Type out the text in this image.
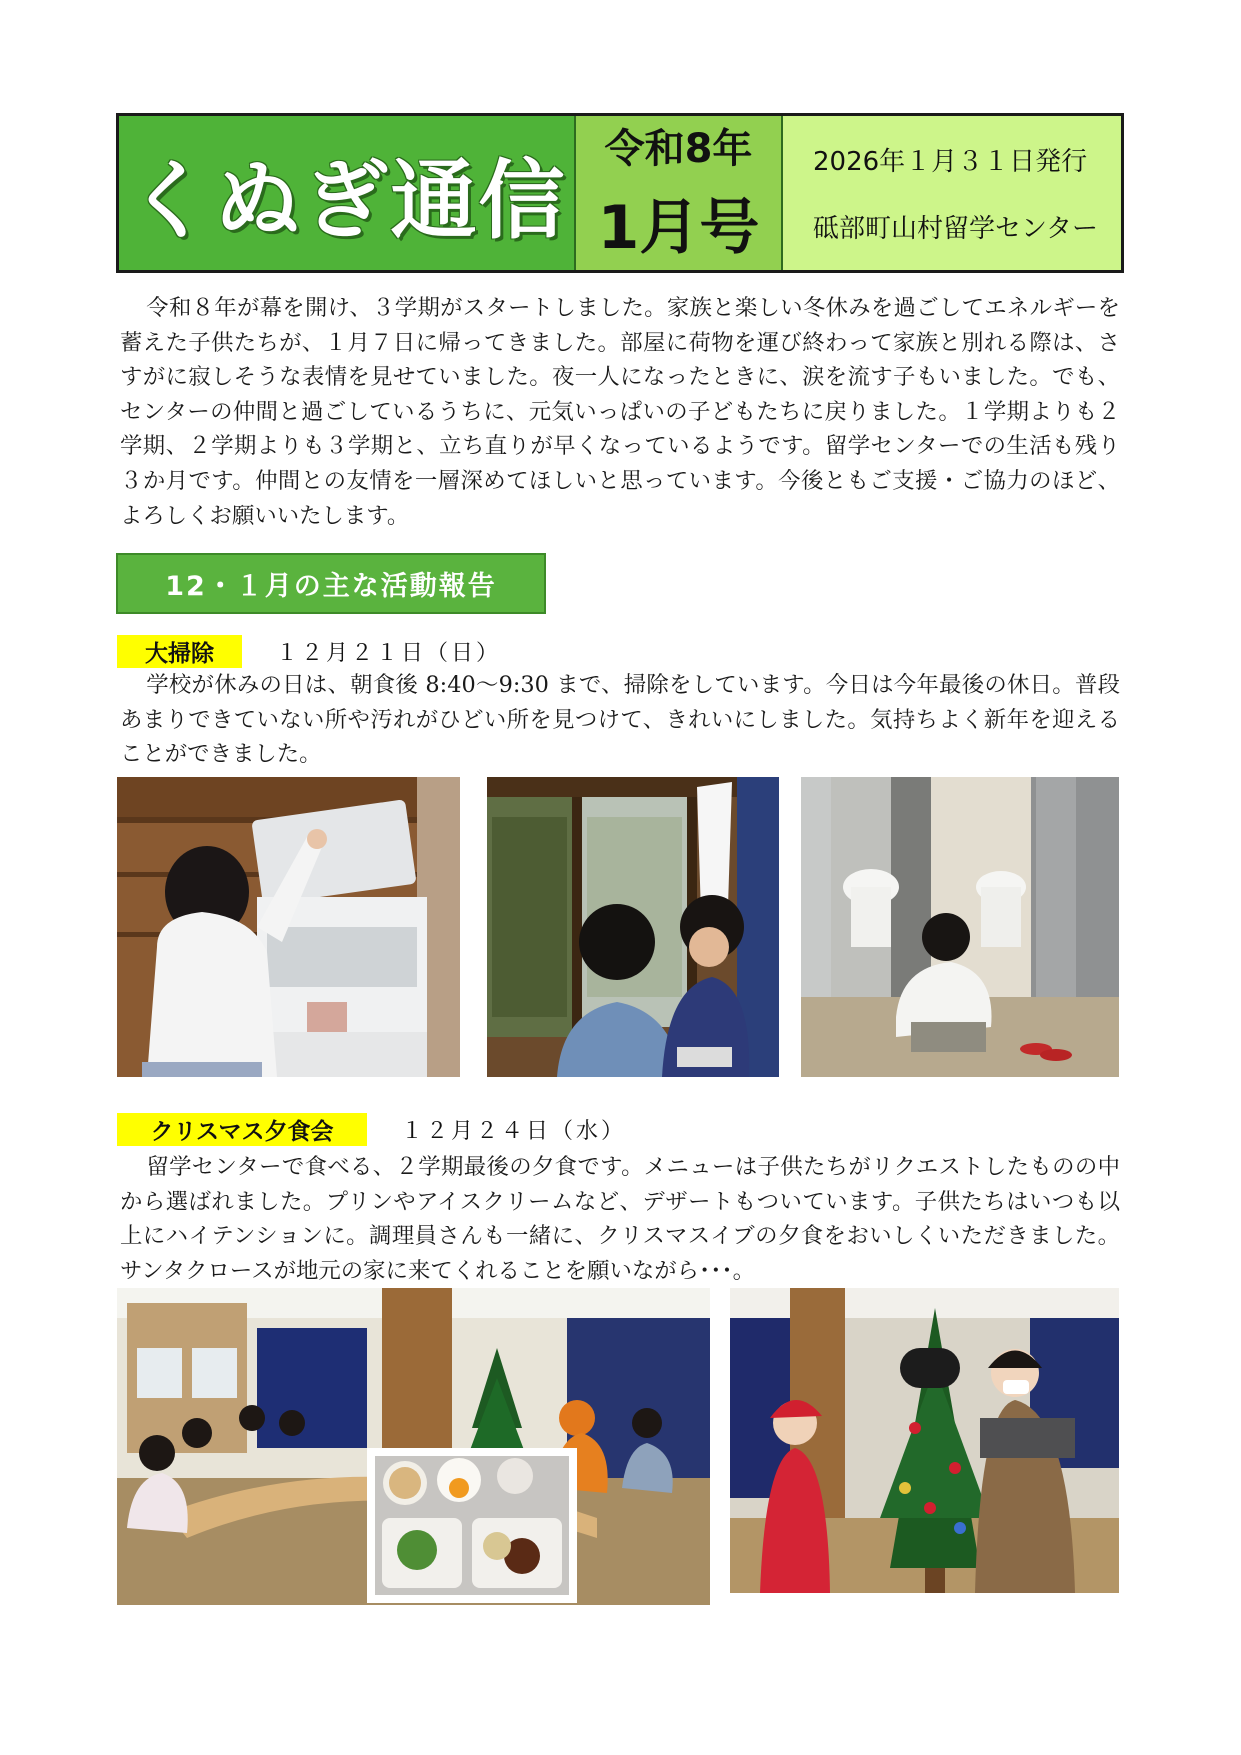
くぬぎ通信
令和8年
1月号
2026年１月３１日発行
砥部町山村留学センター

令和８年が幕を開け、３学期がスタートしました。家族と楽しい冬休みを過ごしてエネルギーを蓄えた子供たちが、１月７日に帰ってきました。部屋に荷物を運び終わって家族と別れる際は、さすがに寂しそうな表情を見せていました。夜一人になったときに、涙を流す子もいました。でも、センターの仲間と過ごしているうちに、元気いっぱいの子どもたちに戻りました。１学期よりも２学期、２学期よりも３学期と、立ち直りが早くなっているようです。留学センターでの生活も残り３か月です。仲間との友情を一層深めてほしいと思っています。今後ともご支援・ご協力のほど、よろしくお願いいたします。

12・１月の主な活動報告
大掃除	１２月２１日（日）

学校が休みの日は、朝食後 8:40～9:30 まで、掃除をしています。今日は今年最後の休日。普段あまりできていない所や汚れがひどい所を見つけて、きれいにしました。気持ちよく新年を迎えることができました。

クリスマス夕食会	１２月２４日（水）

留学センターで食べる、２学期最後の夕食です。メニューは子供たちがリクエストしたものの中から選ばれました。プリンやアイスクリームなど、デザートもついています。子供たちはいつも以上にハイテンションに。調理員さんも一緒に、クリスマスイブの夕食をおいしくいただきました。サンタクロースが地元の家に来てくれることを願いながら･･･。
